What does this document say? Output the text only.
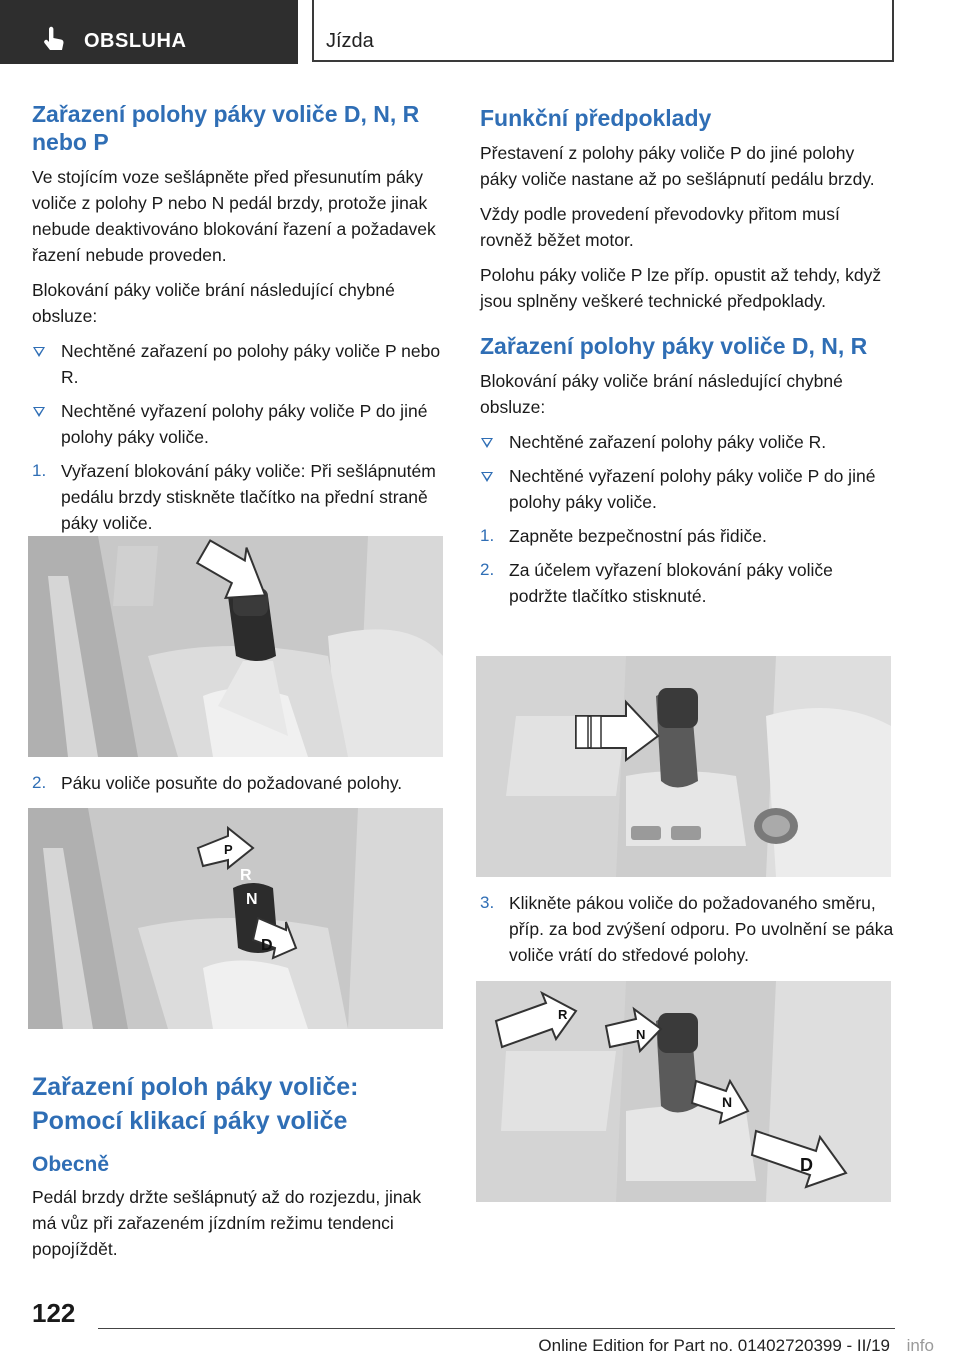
OBSLUHA	Jízda
Zařazení polohy páky voliče D, N, R nebo P

Ve stojícím voze sešlápněte před přesunutím páky voliče z polohy P nebo N pedál brzdy, protože jinak nebude deaktivováno blokování řazení a požadavek řazení nebude proveden.

Blokování páky voliče brání následující chybné obsluze:

Nechtěné zařazení po polohy páky voliče P nebo R.
Nechtěné vyřazení polohy páky voliče P do jiné polohy páky voliče.
1. Vyřazení blokování páky voliče: Při sešlápnutém pedálu brzdy stiskněte tlačítko na přední straně páky voliče.
2. Páku voliče posuňte do požadované polohy.
P
R
N
D
Zařazení poloh páky voliče: Pomocí klikací páky voliče
Obecně

Pedál brzdy držte sešlápnutý až do rozjezdu, jinak má vůz při zařazeném jízdním režimu tendenci popojíždět.

Funkční předpoklady

Přestavení z polohy páky voliče P do jiné polohy páky voliče nastane až po sešlápnutí pedálu brzdy.

Vždy podle provedení převodovky přitom musí rovněž běžet motor.

Polohu páky voliče P lze příp. opustit až tehdy, když jsou splněny veškeré technické předpoklady.

Zařazení polohy páky voliče D, N, R

Blokování páky voliče brání následující chybné obsluze:

Nechtěné zařazení polohy páky voliče R.
Nechtěné vyřazení polohy páky voliče P do jiné polohy páky voliče.
1. Zapněte bezpečnostní pás řidiče.
2. Za účelem vyřazení blokování páky voliče podržte tlačítko stisknuté.
3. Klikněte pákou voliče do požadovaného směru, příp. za bod zvýšení odporu. Po uvolnění se páka voliče vrátí do středové polohy.
R
N
N
D
122
Online Edition for Part no. 01402720399 - II/19 info
